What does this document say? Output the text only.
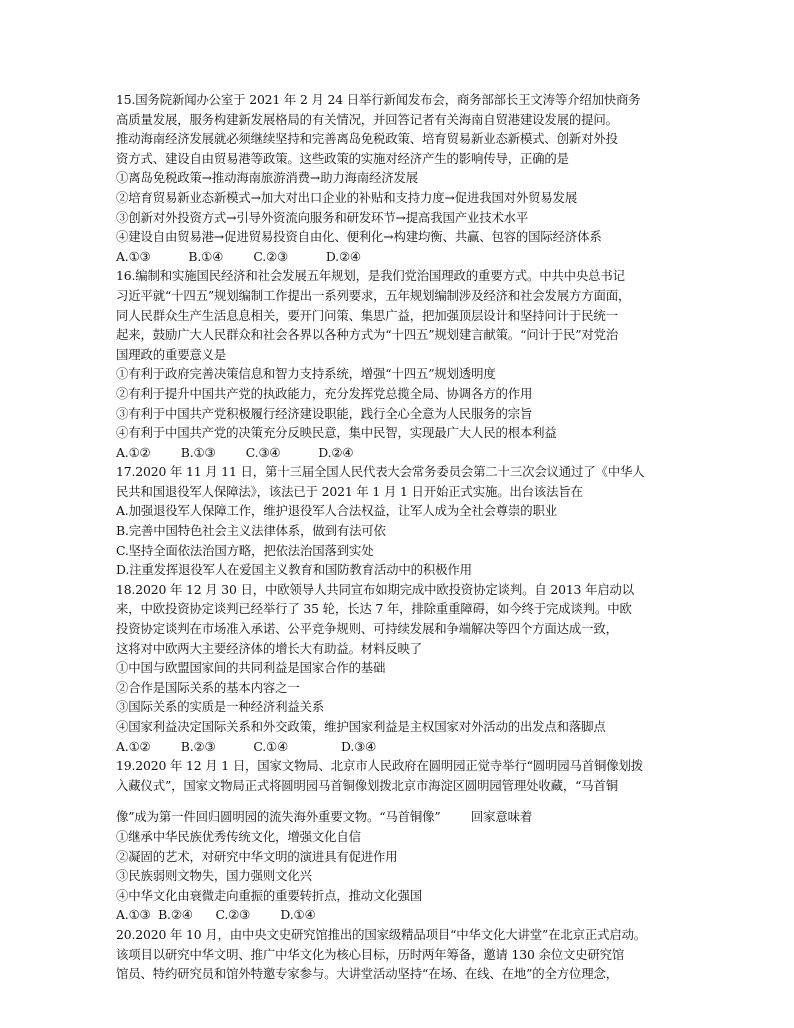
15.国务院新闻办公室于 2021 年 2 月 24 日举行新闻发布会，商务部部长王文涛等介绍加快商务
高质量发展，服务构建新发展格局的有关情况，并回答记者有关海南自贸港建设发展的提问。
推动海南经济发展就必须继续坚持和完善离岛免税政策、培育贸易新业态新模式、创新对外投
资方式、建设自由贸易港等政策。这些政策的实施对经济产生的影响传导，正确的是
①离岛免税政策→推动海南旅游消费→助力海南经济发展
②培育贸易新业态新模式→加大对出口企业的补贴和支持力度→促进我国对外贸易发展
③创新对外投资方式→引导外资流向服务和研发环节→提高我国产业技术水平
④建设自由贸易港→促进贸易投资自由化、便利化→构建均衡、共赢、包容的国际经济体系
A.①③          B.①④        C.②③          D.②④
16.编制和实施国民经济和社会发展五年规划，是我们党治国理政的重要方式。中共中央总书记
习近平就“十四五”规划编制工作提出一系列要求，五年规划编制涉及经济和社会发展方方面面，
同人民群众生产生活息息相关，要开门问策、集思广益，把加强顶层设计和坚持问计于民统一
起来，鼓励广大人民群众和社会各界以各种方式为“十四五”规划建言献策。“问计于民”对党治
国理政的重要意义是
①有利于政府完善决策信息和智力支持系统，增强“十四五”规划透明度
②有利于提升中国共产党的执政能力，充分发挥党总揽全局、协调各方的作用
③有利于中国共产党积极履行经济建设职能，践行全心全意为人民服务的宗旨
④有利于中国共产党的决策充分反映民意，集中民智，实现最广大人民的根本利益
A.①②        B.①③        C.③④          D.②④
17.2020 年 11 月 11 日，第十三届全国人民代表大会常务委员会第二十三次会议通过了《中华人
民共和国退役军人保障法》，该法已于 2021 年 1 月 1 日开始正式实施。出台该法旨在
A.加强退役军人保障工作，维护退役军人合法权益，让军人成为全社会尊崇的职业
B.完善中国特色社会主义法律体系，做到有法可依
C.坚持全面依法治国方略，把依法治国落到实处
D.注重发挥退役军人在爱国主义教育和国防教育活动中的积极作用
18.2020 年 12 月 30 日，中欧领导人共同宣布如期完成中欧投资协定谈判。自 2013 年启动以
来，中欧投资协定谈判已经举行了 35 轮，长达 7 年，排除重重障碍，如今终于完成谈判。中欧
投资协定谈判在市场准入承诺、公平竞争规则、可持续发展和争端解决等四个方面达成一致，
这将对中欧两大主要经济体的增长大有助益。材料反映了
①中国与欧盟国家间的共同利益是国家合作的基础
②合作是国际关系的基本内容之一
③国际关系的实质是一种经济利益关系
④国家利益决定国际关系和外交政策，维护国家利益是主权国家对外活动的出发点和落脚点
A.①②        B.②③          C.①④              D.③④
19.2020 年 12 月 1 日，国家文物局、北京市人民政府在圆明园正觉寺举行“圆明园马首铜像划拨
入藏仪式”，国家文物局正式将圆明园马首铜像划拨北京市海淀区圆明园管理处收藏，“马首铜
像”成为第一件回归圆明园的流失海外重要文物。“马首铜像”        回家意味着
①继承中华民族优秀传统文化，增强文化自信
②凝固的艺术，对研究中华文明的演进具有促进作用
③民族弱则文物失，国力强则文化兴
④中华文化由衰微走向重振的重要转折点，推动文化强国
A.①③  B.②④      C.②③        D.①④
20.2020 年 10 月，由中央文史研究馆推出的国家级精品项目“中华文化大讲堂”在北京正式启动。
该项目以研究中华文明、推广中华文化为核心目标，历时两年筹备，邀请 130 余位文史研究馆
馆员、特约研究员和馆外特邀专家参与。大讲堂活动坚持“在场、在线、在地”的全方位理念，
